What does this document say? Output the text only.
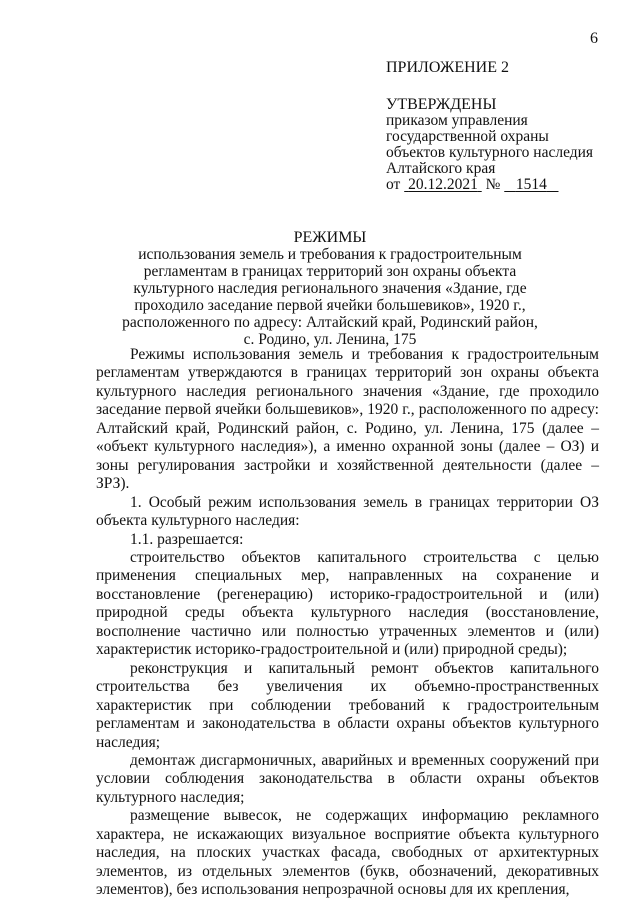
6
ПРИЛОЖЕНИЕ 2
УТВЕРЖДЕНЫ
приказом управления
государственной охраны
объектов культурного наследия
Алтайского края
от  20.12.2021  №    1514
РЕЖИМЫ
использования земель и требования к градостроительным
регламентам в границах территорий зон охраны объекта
культурного наследия регионального значения «Здание, где
проходило заседание первой ячейки большевиков», 1920 г.,
расположенного по адресу: Алтайский край, Родинский район,
с. Родино, ул. Ленина, 175

Режимы использования земель и требования к градостроительным регламентам утверждаются в границах территорий зон охраны объекта культурного наследия регионального значения «Здание, где проходило заседание первой ячейки большевиков», 1920 г., расположенного по адресу: Алтайский край, Родинский район, с. Родино, ул. Ленина, 175 (далее – «объект культурного наследия»), а именно охранной зоны (далее – ОЗ) и зоны регулирования застройки и хозяйственной деятельности (далее – ЗРЗ).

1. Особый режим использования земель в границах территории ОЗ объекта культурного наследия:

1.1. разрешается:

строительство объектов капитального строительства с целью применения специальных мер, направленных на сохранение и восстановление (регенерацию) историко-градостроительной и (или) природной среды объекта культурного наследия (восстановление, восполнение частично или полностью утраченных элементов и (или) характеристик историко-градостроительной и (или) природной среды);

реконструкция и капитальный ремонт объектов капитального строительства без увеличения их объемно-пространственных характеристик при соблюдении требований к градостроительным регламентам и законодательства в области охраны объектов культурного наследия;

демонтаж дисгармоничных, аварийных и временных сооружений при условии соблюдения законодательства в области охраны объектов культурного наследия;

размещение вывесок, не содержащих информацию рекламного характера, не искажающих визуальное восприятие объекта культурного наследия, на плоских участках фасада, свободных от архитектурных элементов, из отдельных элементов (букв, обозначений, декоративных элементов), без использования непрозрачной основы для их крепления,
